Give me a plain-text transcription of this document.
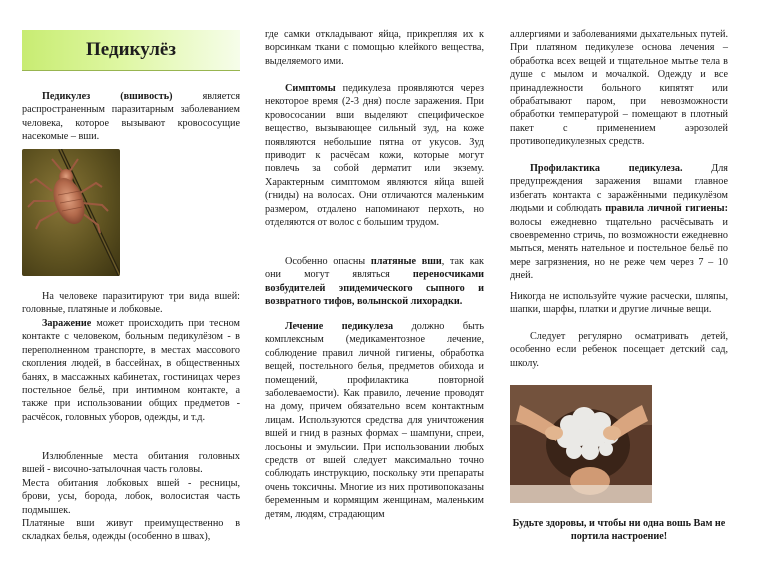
Педикулёз

Педикулез (вшивость) является распространенным паразитарным заболеванием человека, которое вызывают кровососущие насекомые – вши.

На человеке паразитируют три вида вшей: головные, платяные и лобковые.

Заражение может происходить при тесном контакте с человеком, больным педикулёзом - в переполненном транспорте, в местах массового скопления людей, в бассейнах, в общественных банях, в массажных кабинетах, гостиницах через постельное бельё, при интимном контакте, а также при использовании общих предметов - расчёсок, головных уборов, одежды, и т.д.

Излюбленные места обитания головных вшей - височно-затылочная часть головы.

Места обитания лобковых вшей - ресницы, брови, усы, борода, лобок, волосистая часть подмышек.

Платяные вши живут преимущественно в складках белья, одежды (особенно в швах),

где самки откладывают яйца, прикрепляя их к ворсинкам ткани с помощью клейкого вещества, выделяемого ими.

Симптомы педикулеза проявляются через некоторое время (2-3 дня) после заражения. При кровососании вши выделяют специфическое вещество, вызывающее сильный зуд, на коже появляются небольшие пятна от укусов. Зуд приводит к расчёсам кожи, которые могут повлечь за собой дерматит или экзему. Характерным симптомом являются яйца вшей (гниды) на волосах. Они отличаются маленьким размером, отдалено напоминают перхоть, но отделяются от волос с большим трудом.

Особенно опасны платяные вши, так как они могут являться переносчиками возбудителей эпидемического сыпного и возвратного тифов, волынской лихорадки.

Лечение педикулеза должно быть комплексным (медикаментозное лечение, соблюдение правил личной гигиены, обработка вещей, постельного белья, предметов обихода и помещений, профилактика повторной заболеваемости). Как правило, лечение проводят на дому, причем обязательно всем контактным лицам. Используются средства для уничтожения вшей и гнид в разных формах – шампуни, спреи, лосьоны и эмульсии. При использовании любых средств от вшей следует максимально точно соблюдать инструкцию, поскольку эти препараты очень токсичны. Многие из них противопоказаны беременным и кормящим женщинам, маленьким детям, людям, страдающим

аллергиями и заболеваниями дыхательных путей. При платяном педикулезе основа лечения – обработка всех вещей и тщательное мытье тела в душе с мылом и мочалкой. Одежду и все принадлежности больного кипятят или обрабатывают паром, при невозможности обработки температурой – помещают в плотный пакет с применением аэрозолей противопедикулезных средств.

Профилактика педикулеза. Для предупреждения заражения вшами главное избегать контакта с заражёнными педикулёзом людьми и соблюдать правила личной гигиены: волосы ежедневно тщательно расчёсывать и своевременно стричь, по возможности ежедневно мыться, менять нательное и постельное бельё по мере загрязнения, но не реже чем через 7 – 10 дней.

Никогда не используйте чужие расчески, шляпы, шапки, шарфы, платки и другие личные вещи.

Следует регулярно осматривать детей, особенно если ребенок посещает детский сад, школу.

Будьте здоровы, и чтобы ни одна вошь Вам не портила настроение!
